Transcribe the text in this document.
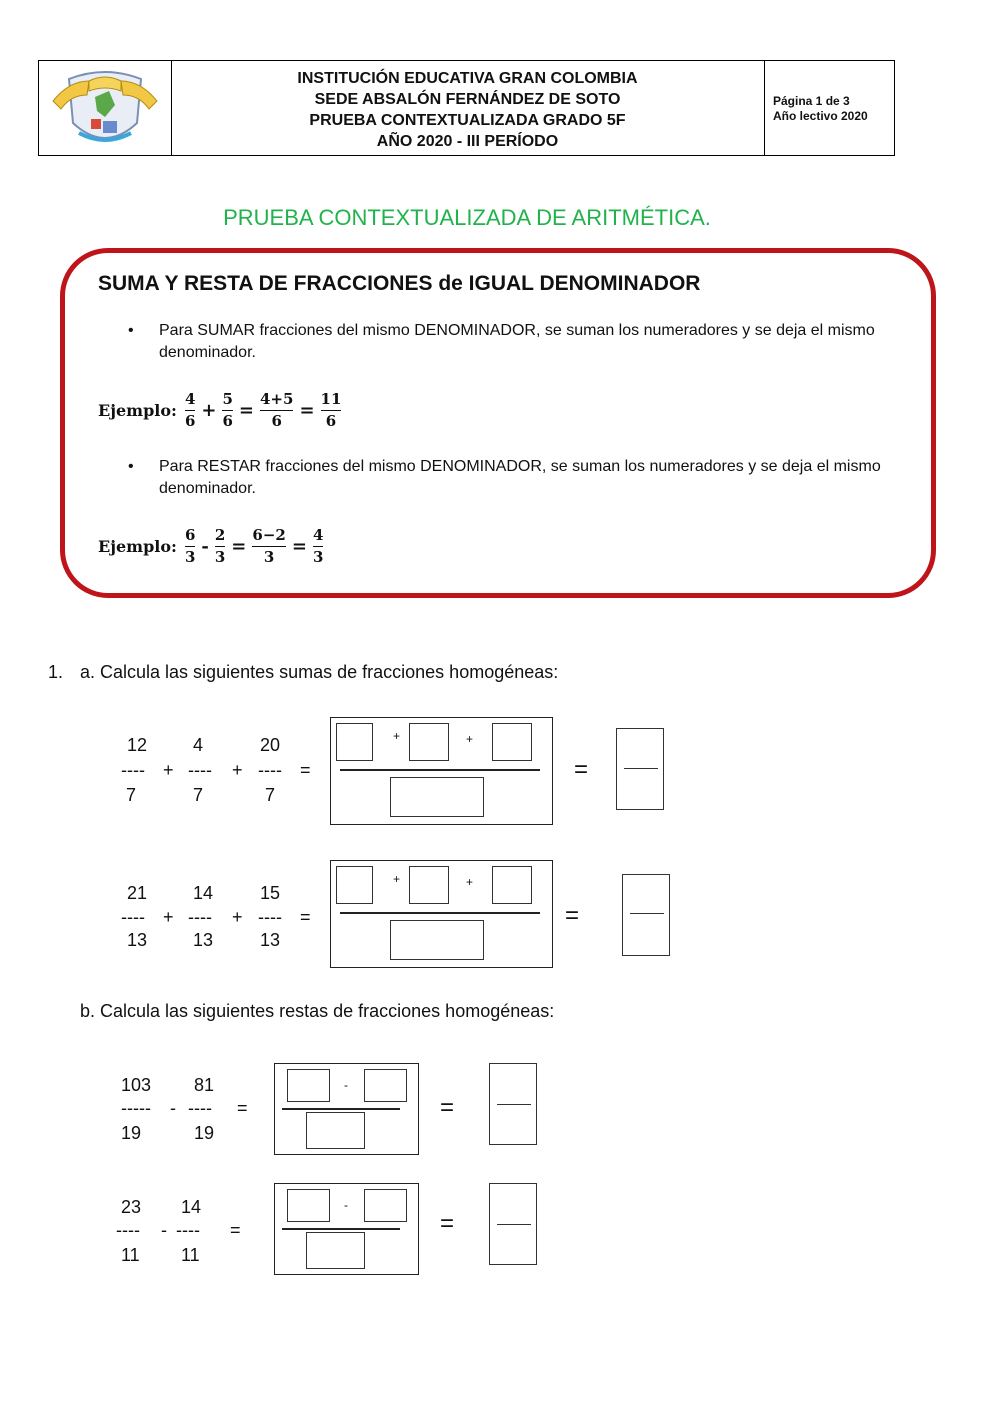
INSTITUCIÓN EDUCATIVA GRAN COLOMBIA
SEDE ABSALÓN FERNÁNDEZ DE SOTO
PRUEBA CONTEXTUALIZADA GRADO 5F
AÑO 2020 - III PERÍODO
Página 1 de 3
Año lectivo 2020
PRUEBA CONTEXTUALIZADA DE ARITMÉTICA.
SUMA Y RESTA DE FRACCIONES de IGUAL DENOMINADOR
• Para SUMAR fracciones del mismo DENOMINADOR, se suman los numeradores y se deja el mismo denominador.
Ejemplo: $\frac{4}{6} + \frac{5}{6} = \frac{4+5}{6} = \frac{11}{6}$
• Para RESTAR fracciones del mismo DENOMINADOR, se suman los numeradores y se deja el mismo denominador.
Ejemplo: $\frac{6}{3} - \frac{2}{3} = \frac{6-2}{3} = \frac{4}{3}$
1. a. Calcula las siguientes sumas de fracciones homogéneas:
12	4	20
---- + ---- + ---- =
7	7	7
+	+
=
21	14	15
---- + ---- + ---- =
13	13	13
+	+
=
b. Calcula las siguientes restas de fracciones homogéneas:
103 81
----- - ---- =
19	19
-
=
23 14
---- - ---- =
11 11
-
=
